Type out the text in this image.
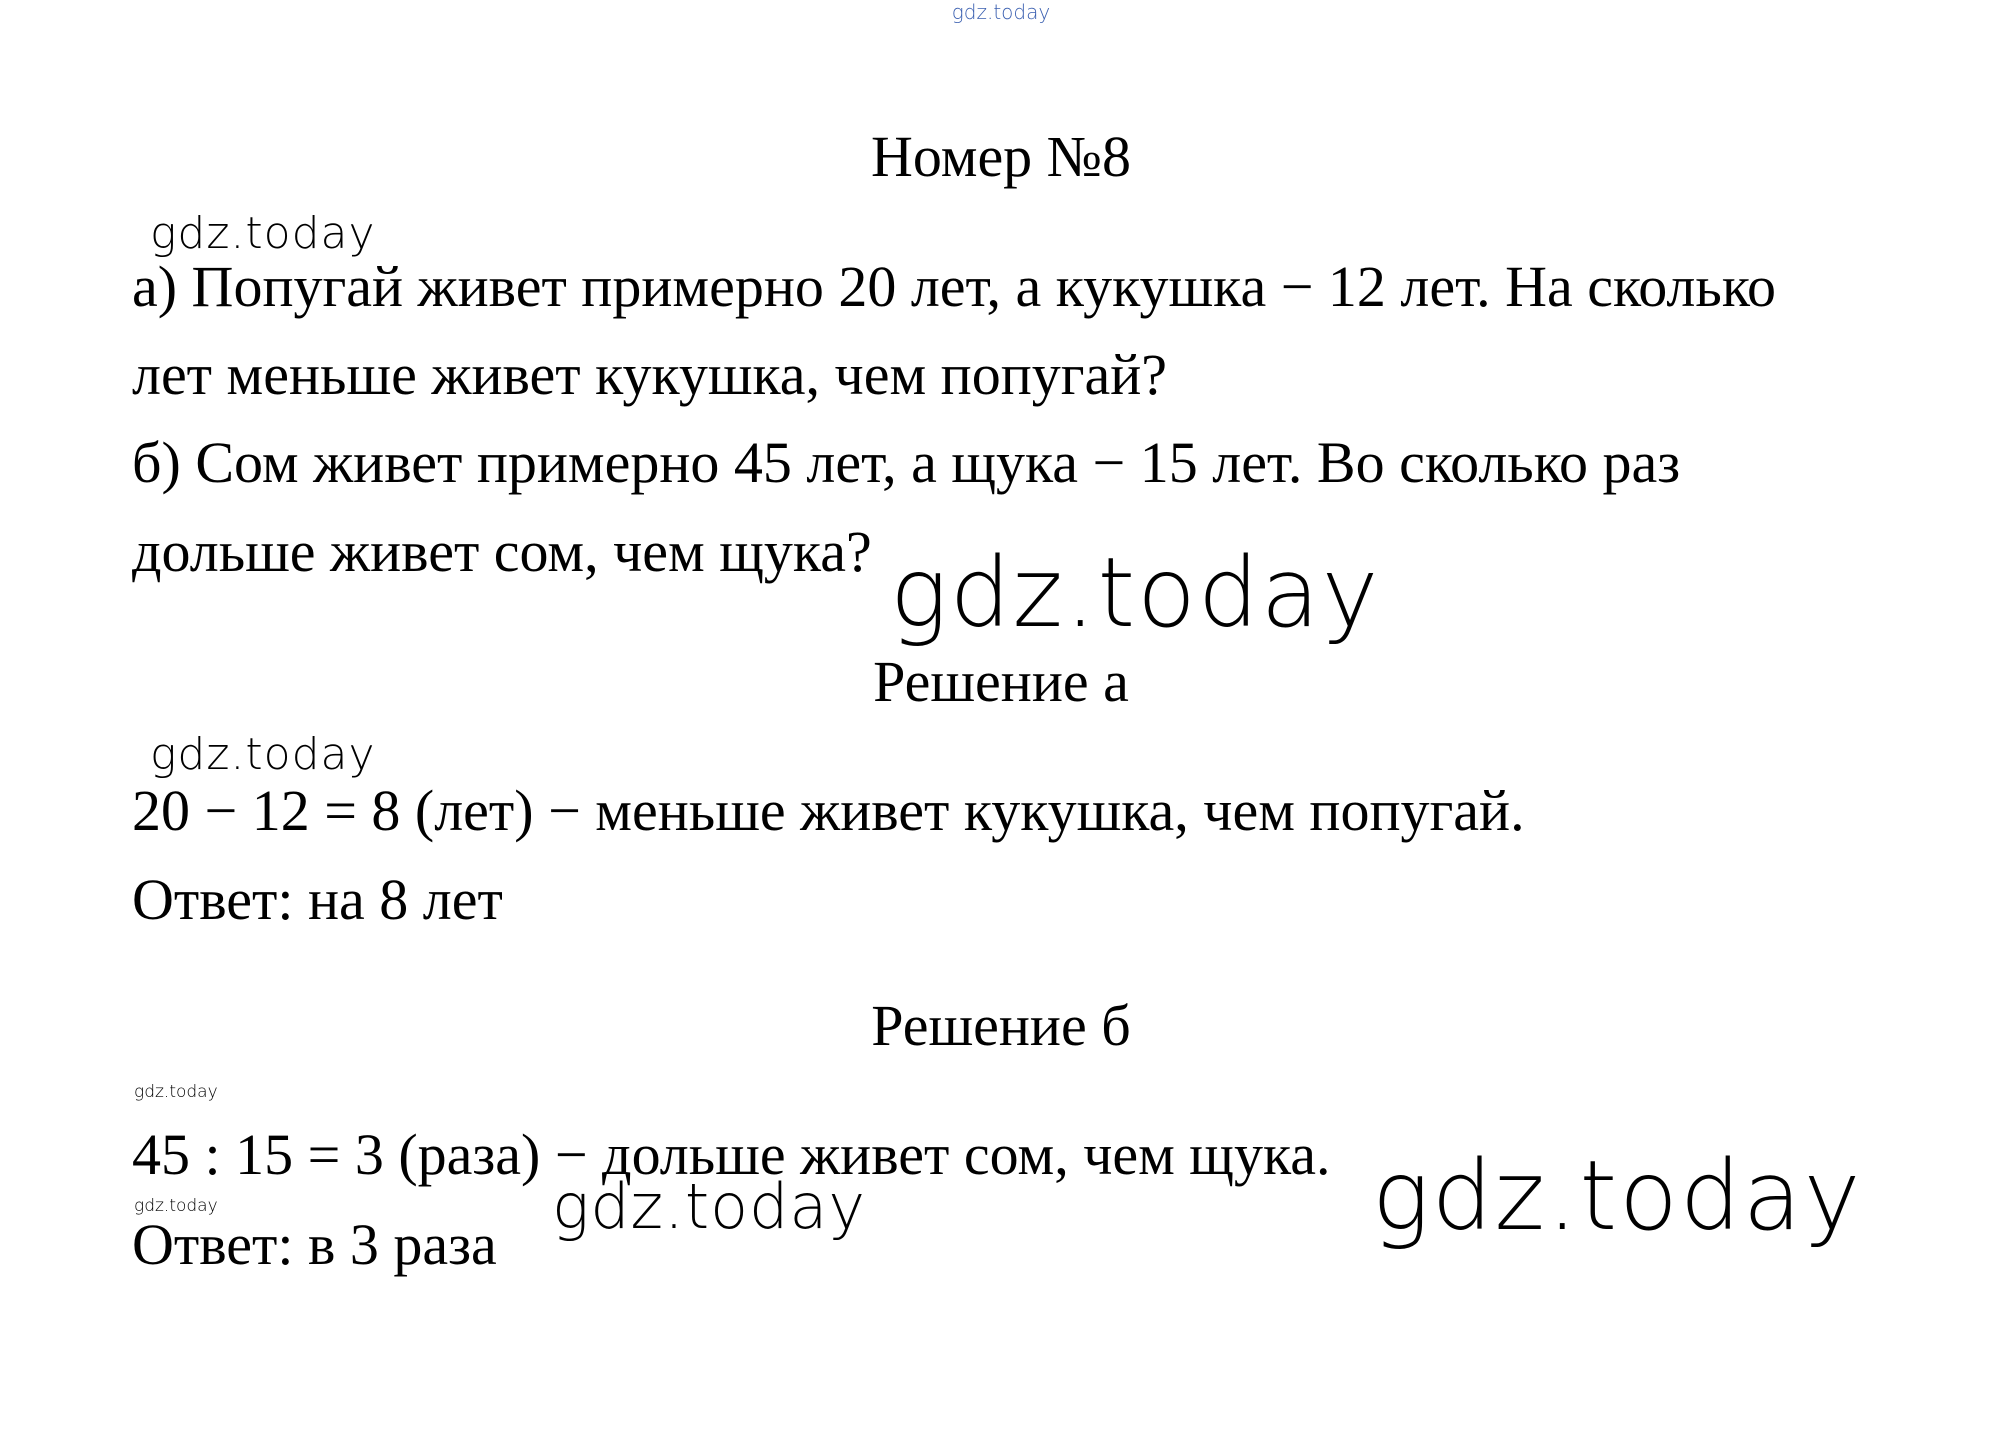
gdz.today
Номер №8
gdz.today
а) Попугай живет примерно 20 лет, а кукушка − 12 лет. На сколько
лет меньше живет кукушка, чем попугай?
б) Сом живет примерно 45 лет, а щука − 15 лет. Во сколько раз
дольше живет сом, чем щука? gdz.today
Решение а
gdz.today
20 − 12 = 8 (лет) − меньше живет кукушка, чем попугай.
Ответ: на 8 лет
Решение б
gdz.today
45 : 15 = 3 (раза) − дольше живет сом, чем щука. gdz.today
gdz.today	gdz.today
Ответ: в 3 раза
